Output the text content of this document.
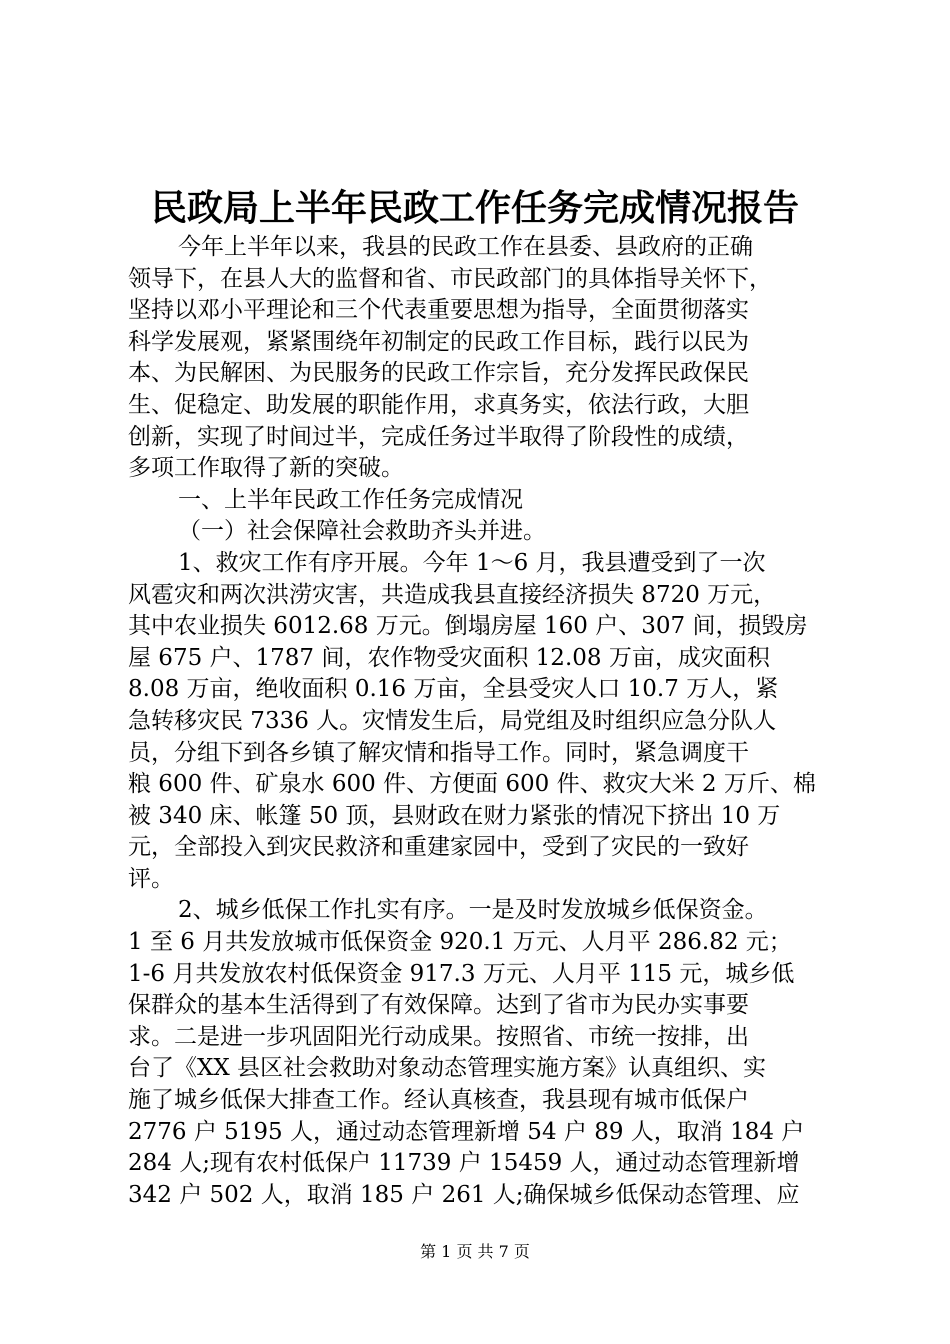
民政局上半年民政工作任务完成情况报告
今年上半年以来，我县的民政工作在县委、县政府的正确
领导下，在县人大的监督和省、市民政部门的具体指导关怀下，
坚持以邓小平理论和三个代表重要思想为指导，全面贯彻落实
科学发展观，紧紧围绕年初制定的民政工作目标，践行以民为
本、为民解困、为民服务的民政工作宗旨，充分发挥民政保民
生、促稳定、助发展的职能作用，求真务实，依法行政，大胆
创新，实现了时间过半，完成任务过半取得了阶段性的成绩，
多项工作取得了新的突破。
一、上半年民政工作任务完成情况
（一）社会保障社会救助齐头并进。
1、救灾工作有序开展。今年 1～6 月，我县遭受到了一次
风雹灾和两次洪涝灾害，共造成我县直接经济损失 8720 万元，
其中农业损失 6012.68 万元。倒塌房屋 160 户、307 间，损毁房
屋 675 户、1787 间，农作物受灾面积 12.08 万亩，成灾面积
8.08 万亩，绝收面积 0.16 万亩，全县受灾人口 10.7 万人，紧
急转移灾民 7336 人。灾情发生后，局党组及时组织应急分队人
员，分组下到各乡镇了解灾情和指导工作。同时，紧急调度干
粮 600 件、矿泉水 600 件、方便面 600 件、救灾大米 2 万斤、棉
被 340 床、帐篷 50 顶，县财政在财力紧张的情况下挤出 10 万
元，全部投入到灾民救济和重建家园中，受到了灾民的一致好
评。
2、城乡低保工作扎实有序。一是及时发放城乡低保资金。
1 至 6 月共发放城市低保资金 920.1 万元、人月平 286.82 元；
1-6 月共发放农村低保资金 917.3 万元、人月平 115 元，城乡低
保群众的基本生活得到了有效保障。达到了省市为民办实事要
求。二是进一步巩固阳光行动成果。按照省、市统一按排，出
台了《XX 县区社会救助对象动态管理实施方案》认真组织、实
施了城乡低保大排查工作。经认真核查，我县现有城市低保户
2776 户 5195 人，通过动态管理新增 54 户 89 人，取消 184 户
284 人;现有农村低保户 11739 户 15459 人，通过动态管理新增
342 户 502 人，取消 185 户 261 人;确保城乡低保动态管理、应
第 1 页 共 7 页
